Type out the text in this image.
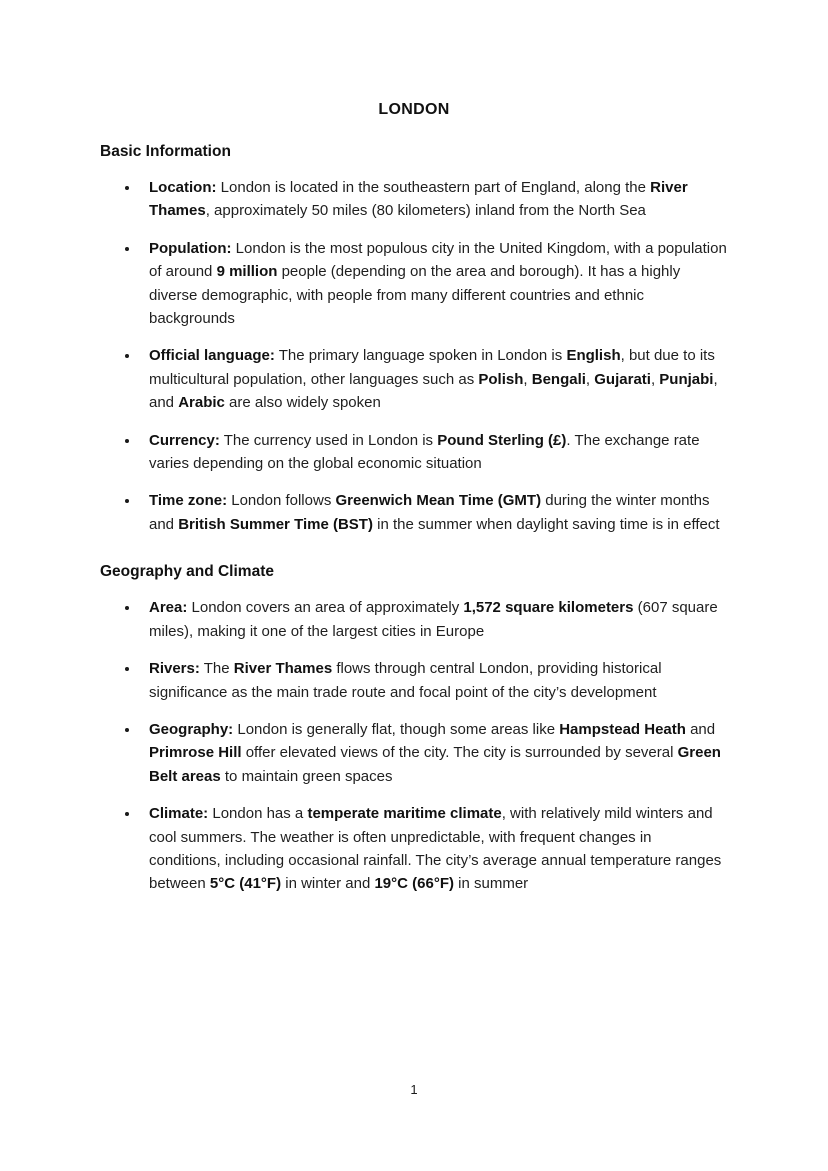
LONDON
Basic Information
Location: London is located in the southeastern part of England, along the River Thames, approximately 50 miles (80 kilometers) inland from the North Sea
Population: London is the most populous city in the United Kingdom, with a population of around 9 million people (depending on the area and borough). It has a highly diverse demographic, with people from many different countries and ethnic backgrounds
Official language: The primary language spoken in London is English, but due to its multicultural population, other languages such as Polish, Bengali, Gujarati, Punjabi, and Arabic are also widely spoken
Currency: The currency used in London is Pound Sterling (£). The exchange rate varies depending on the global economic situation
Time zone: London follows Greenwich Mean Time (GMT) during the winter months and British Summer Time (BST) in the summer when daylight saving time is in effect
Geography and Climate
Area: London covers an area of approximately 1,572 square kilometers (607 square miles), making it one of the largest cities in Europe
Rivers: The River Thames flows through central London, providing historical significance as the main trade route and focal point of the city’s development
Geography: London is generally flat, though some areas like Hampstead Heath and Primrose Hill offer elevated views of the city. The city is surrounded by several Green Belt areas to maintain green spaces
Climate: London has a temperate maritime climate, with relatively mild winters and cool summers. The weather is often unpredictable, with frequent changes in conditions, including occasional rainfall. The city’s average annual temperature ranges between 5°C (41°F) in winter and 19°C (66°F) in summer
1
